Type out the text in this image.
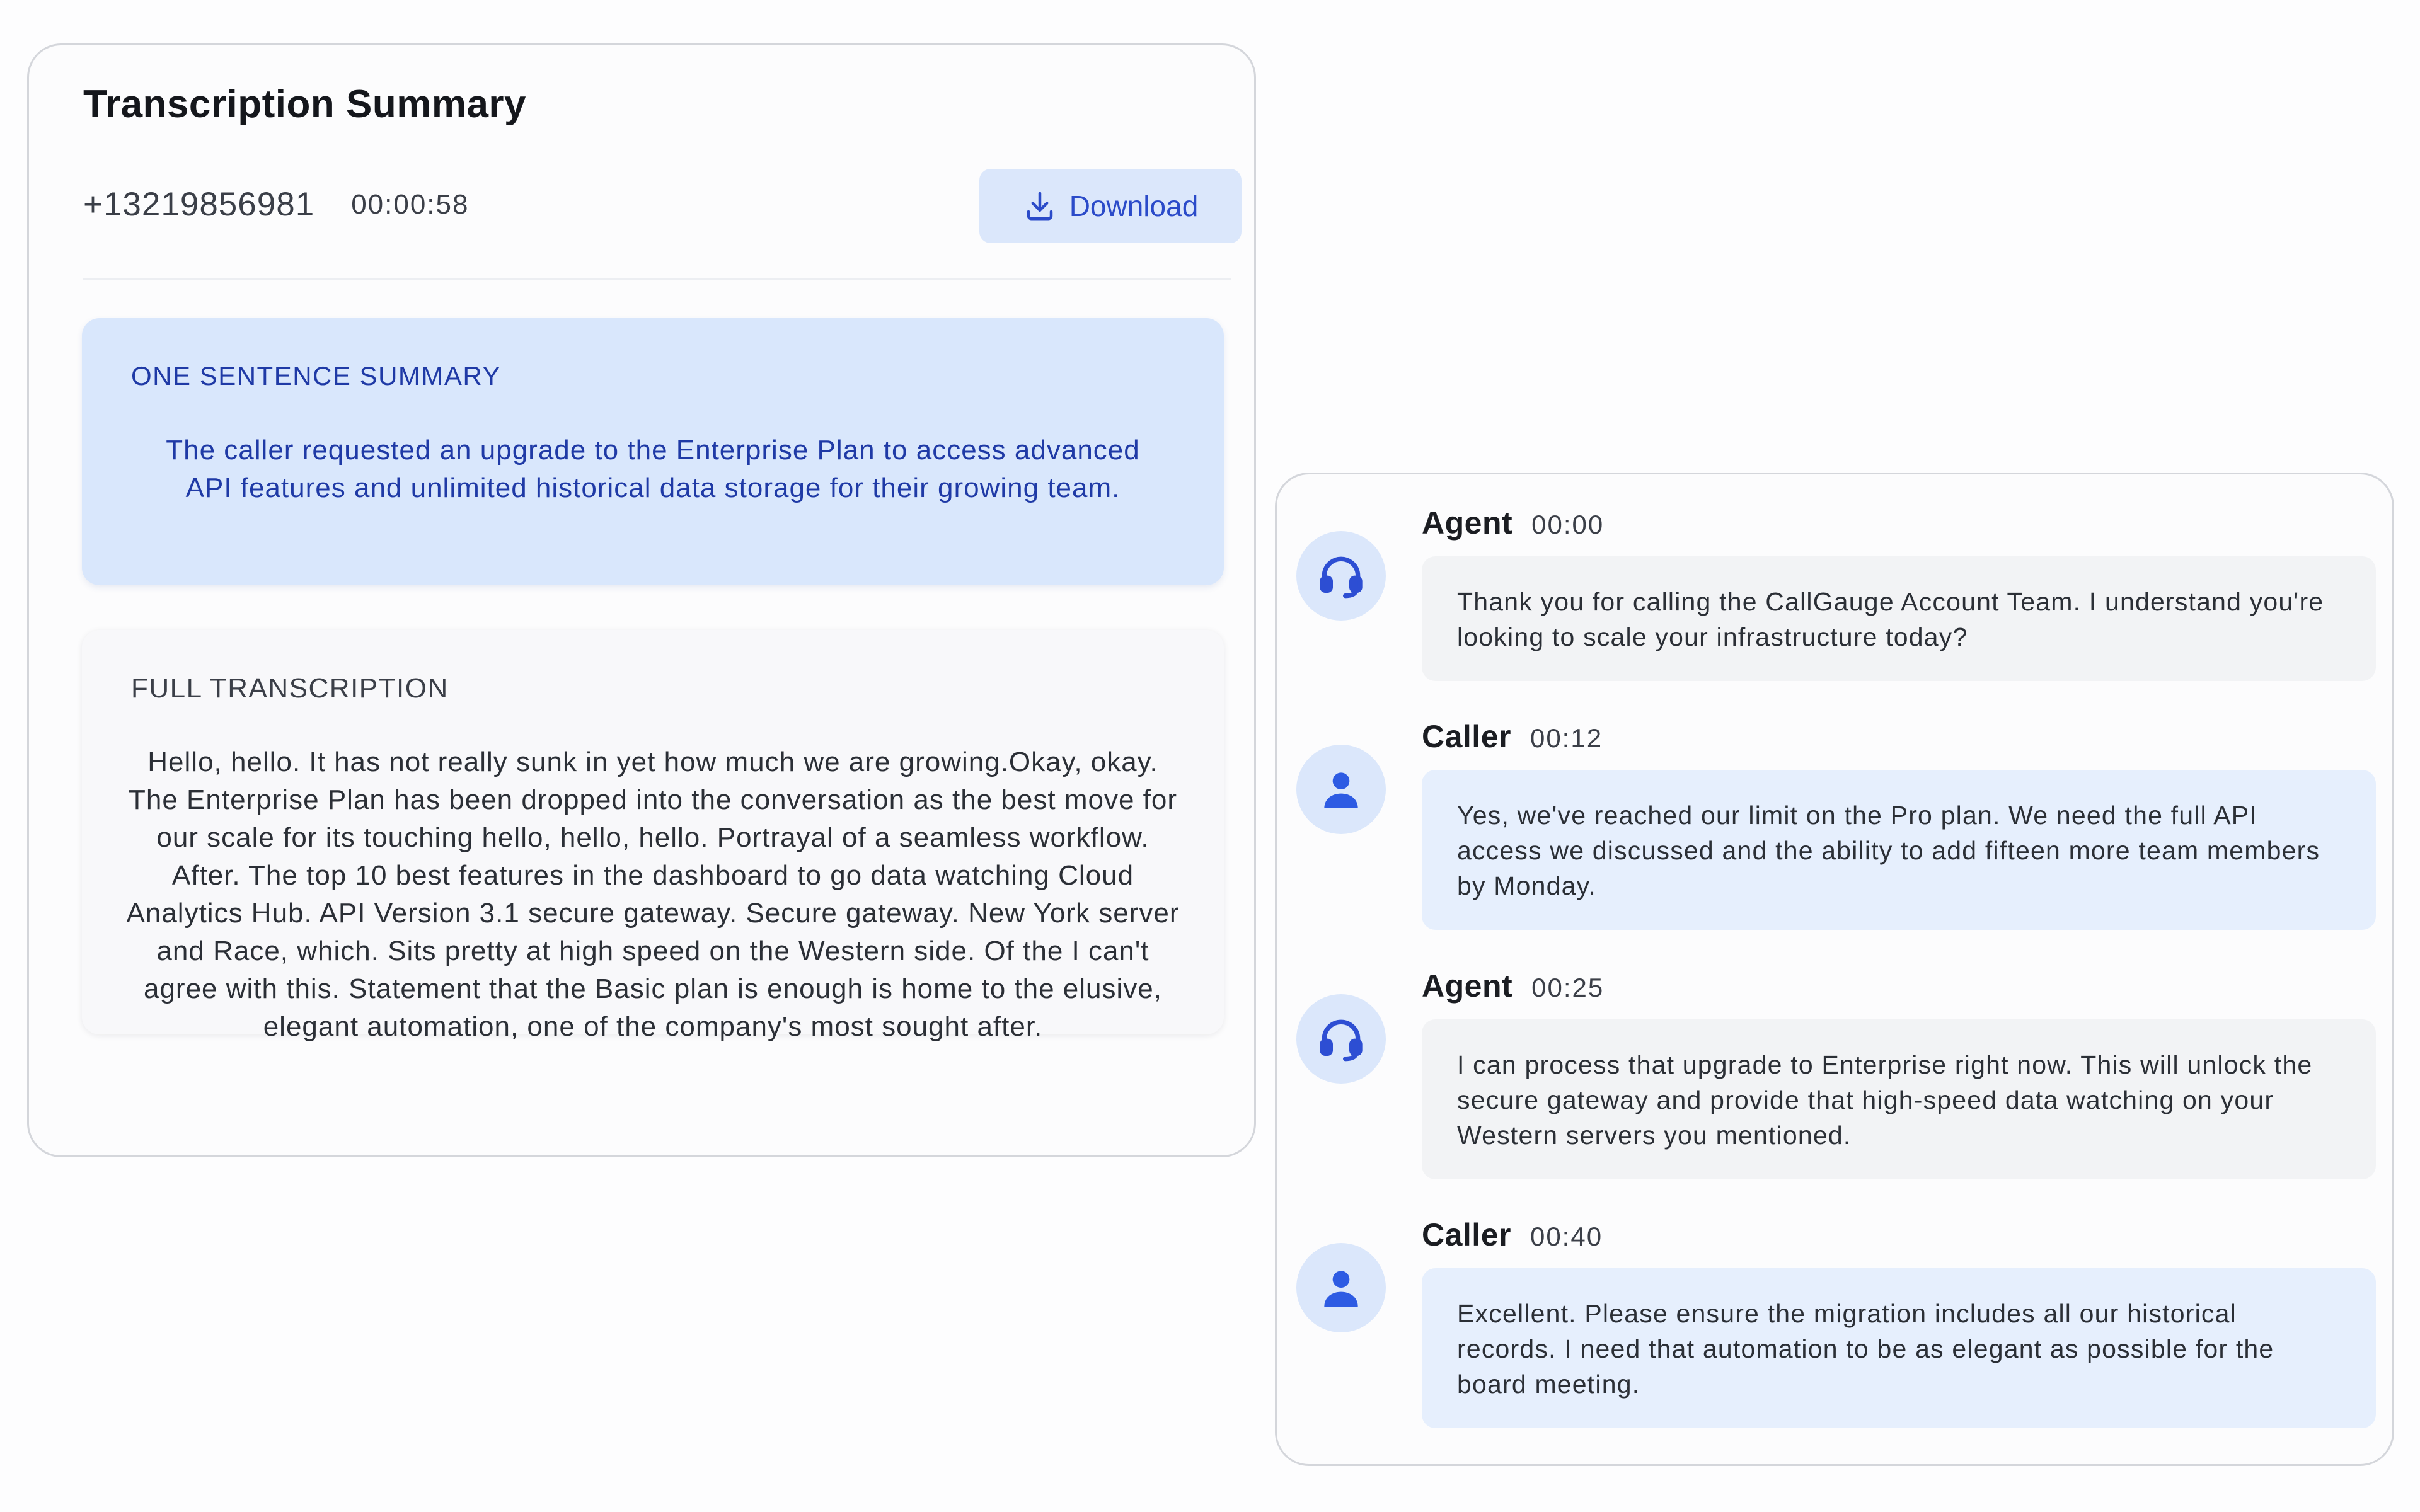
Transcription Summary
+13219856981 00:00:58	Download
ONE SENTENCE SUMMARY

The caller requested an upgrade to the Enterprise Plan to access advanced API features and unlimited historical data storage for their growing team.

FULL TRANSCRIPTION

Hello, hello. It has not really sunk in yet how much we are growing.Okay, okay. The Enterprise Plan has been dropped into the conversation as the best move for our scale for its touching hello, hello, hello. Portrayal of a seamless workflow. After. The top 10 best features in the dashboard to go data watching Cloud Analytics Hub. API Version 3.1 secure gateway. Secure gateway. New York server and Race, which. Sits pretty at high speed on the Western side. Of the I can't agree with this. Statement that the Basic plan is enough is home to the elusive, elegant automation, one of the company's most sought after.

Agent 00:00
Thank you for calling the CallGauge Account Team. I understand you're looking to scale your infrastructure today?
Caller 00:12
Yes, we've reached our limit on the Pro plan. We need the full API access we discussed and the ability to add fifteen more team members by Monday.
Agent 00:25
I can process that upgrade to Enterprise right now. This will unlock the secure gateway and provide that high-speed data watching on your Western servers you mentioned.
Caller 00:40
Excellent. Please ensure the migration includes all our historical records. I need that automation to be as elegant as possible for the board meeting.
